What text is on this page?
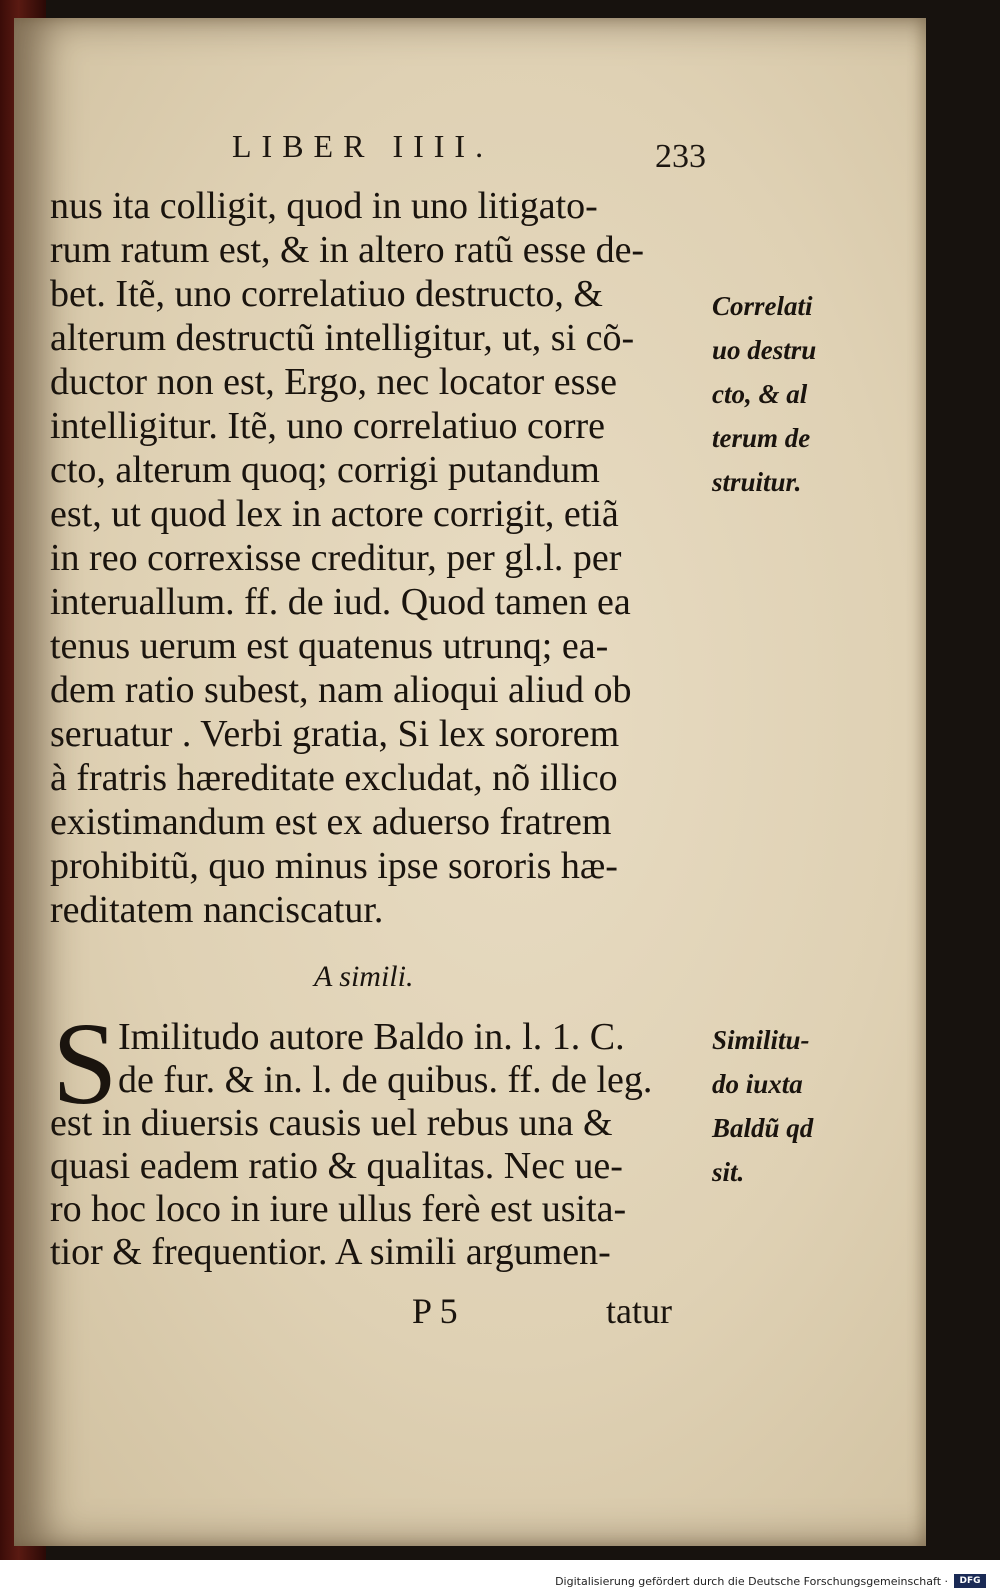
LIBER IIII.	233
nus ita colligit, quod in uno litigato-
rum ratum est, & in altero ratũ esse de-
bet. Itẽ, uno correlatiuo destructo, &
alterum destructũ intelligitur, ut, si cõ-
ductor non est, Ergo, nec locator esse
intelligitur. Itẽ, uno correlatiuo corre
cto, alterum quoq; corrigi putandum
est, ut quod lex in actore corrigit, etiã
in reo correxisse creditur, per gl.l. per
interuallum. ff. de iud. Quod tamen ea
tenus uerum est quatenus utrunq; ea-
dem ratio subest, nam alioqui aliud ob
seruatur . Verbi gratia, Si lex sororem
à fratris hæreditate excludat, nõ illico
existimandum est ex aduerso fratrem
prohibitũ, quo minus ipse sororis hæ-
reditatem nanciscatur.
Correlati
uo destru
cto, & al
terum de
struitur.
A simili.
S Imilitudo autore Baldo in. l. 1. C.
de fur. & in. l. de quibus. ff. de leg.
est in diuersis causis uel rebus una &
quasi eadem ratio & qualitas. Nec ue-
ro hoc loco in iure ullus ferè est usita-
tior & frequentior. A simili argumen-
Similitu-
do iuxta
Baldũ qd
sit.
P 5	tatur
Digitalisierung gefördert durch die Deutsche Forschungsgemeinschaft ·	DFG
